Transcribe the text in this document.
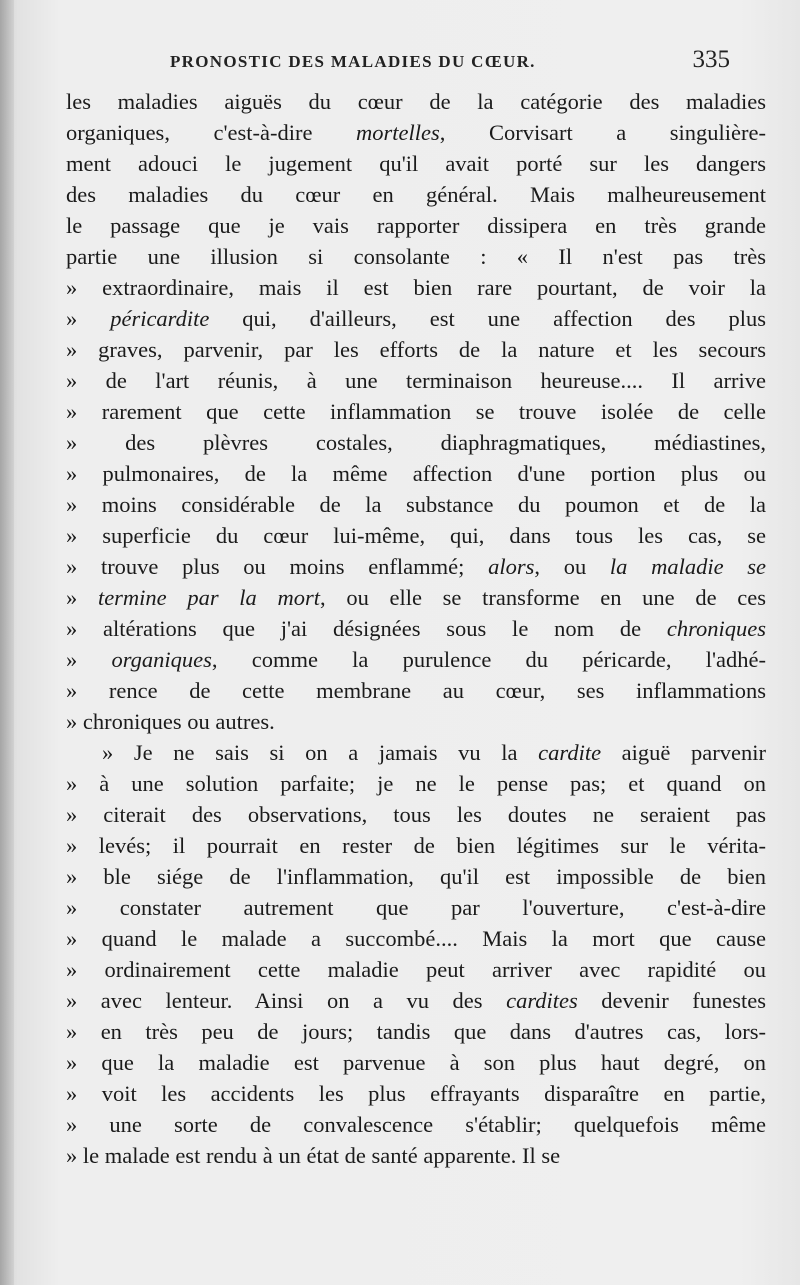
PRONOSTIC DES MALADIES DU CŒUR.	335
les maladies aiguës du cœur de la catégorie des maladies
organiques, c'est-à-dire mortelles, Corvisart a singulière-
ment adouci le jugement qu'il avait porté sur les dangers
des maladies du cœur en général. Mais malheureusement
le passage que je vais rapporter dissipera en très grande
partie une illusion si consolante : « Il n'est pas très
» extraordinaire, mais il est bien rare pourtant, de voir la
» péricardite qui, d'ailleurs, est une affection des plus
» graves, parvenir, par les efforts de la nature et les secours
» de l'art réunis, à une terminaison heureuse.... Il arrive
» rarement que cette inflammation se trouve isolée de celle
» des plèvres costales, diaphragmatiques, médiastines,
» pulmonaires, de la même affection d'une portion plus ou
» moins considérable de la substance du poumon et de la
» superficie du cœur lui-même, qui, dans tous les cas, se
» trouve plus ou moins enflammé; alors, ou la maladie se
» termine par la mort, ou elle se transforme en une de ces
» altérations que j'ai désignées sous le nom de chroniques
» organiques, comme la purulence du péricarde, l'adhé-
» rence de cette membrane au cœur, ses inflammations
» chroniques ou autres.
» Je ne sais si on a jamais vu la cardite aiguë parvenir
» à une solution parfaite; je ne le pense pas; et quand on
» citerait des observations, tous les doutes ne seraient pas
» levés; il pourrait en rester de bien légitimes sur le vérita-
» ble siége de l'inflammation, qu'il est impossible de bien
» constater autrement que par l'ouverture, c'est-à-dire
» quand le malade a succombé.... Mais la mort que cause
» ordinairement cette maladie peut arriver avec rapidité ou
» avec lenteur. Ainsi on a vu des cardites devenir funestes
» en très peu de jours; tandis que dans d'autres cas, lors-
» que la maladie est parvenue à son plus haut degré, on
» voit les accidents les plus effrayants disparaître en partie,
» une sorte de convalescence s'établir; quelquefois même
» le malade est rendu à un état de santé apparente. Il se
